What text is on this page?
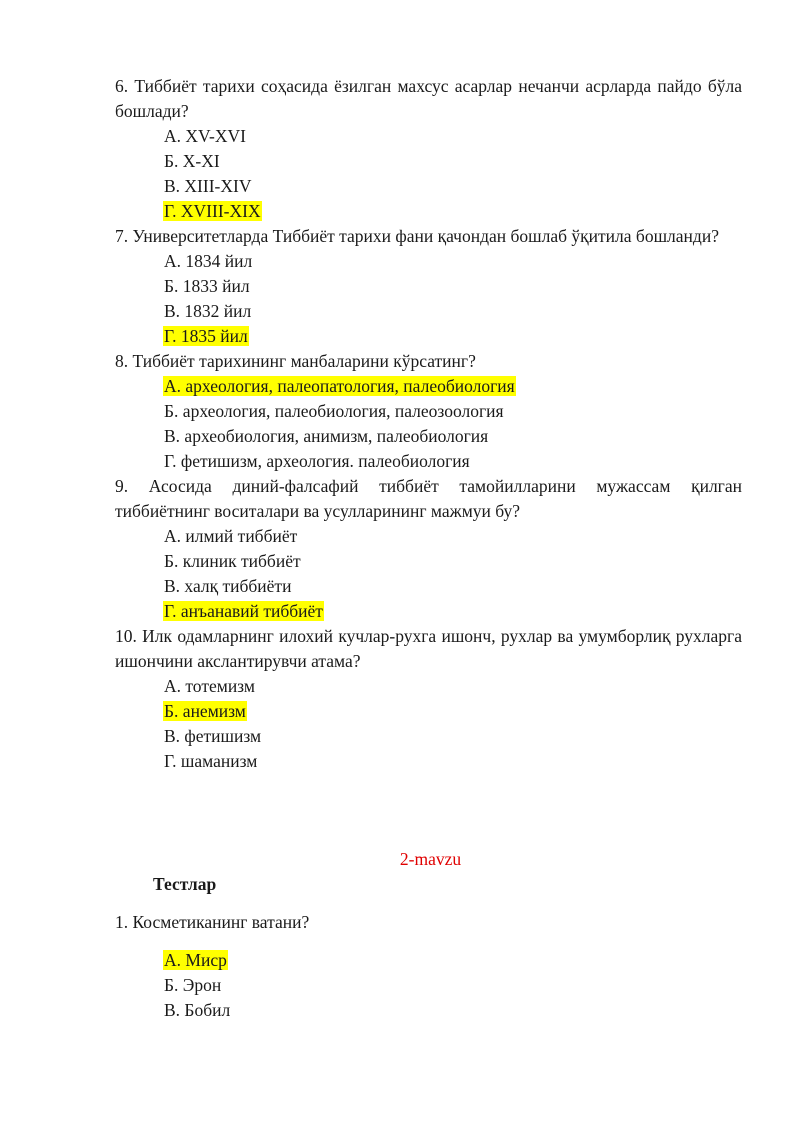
6. Тиббиёт тарихи соҳасида ёзилган махсус асарлар нечанчи асрларда пайдо бўла бошлади?

А. XV-XVI
Б. X-XI
В. XIII-XIV
Г. XVIII-XIX

7. Университетларда Тиббиёт тарихи фани қачондан бошлаб ўқитила бошланди?

А. 1834 йил
Б. 1833 йил
В. 1832 йил
Г. 1835 йил

8. Тиббиёт тарихининг манбаларини кўрсатинг?

А. археология, палеопатология, палеобиология
Б. археология, палеобиология, палеозоология
В. археобиология, анимизм, палеобиология
Г. фетишизм, археология. палеобиология

9. Асосида диний-фалсафий тиббиёт тамойилларини мужассам қилган тиббиётнинг воситалари ва усулларининг мажмуи бу?

А. илмий тиббиёт
Б. клиник тиббиёт
В. халқ тиббиёти
Г. анъанавий тиббиёт

10. Илк одамларнинг илохий кучлар-рухга ишонч, рухлар ва умумборлиқ рухларга ишончини акслантирувчи атама?

А. тотемизм
Б. анемизм
В. фетишизм
Г. шаманизм
2-mavzu
Тестлар

1. Косметиканинг ватани?

А. Миср
Б. Эрон
В. Бобил
